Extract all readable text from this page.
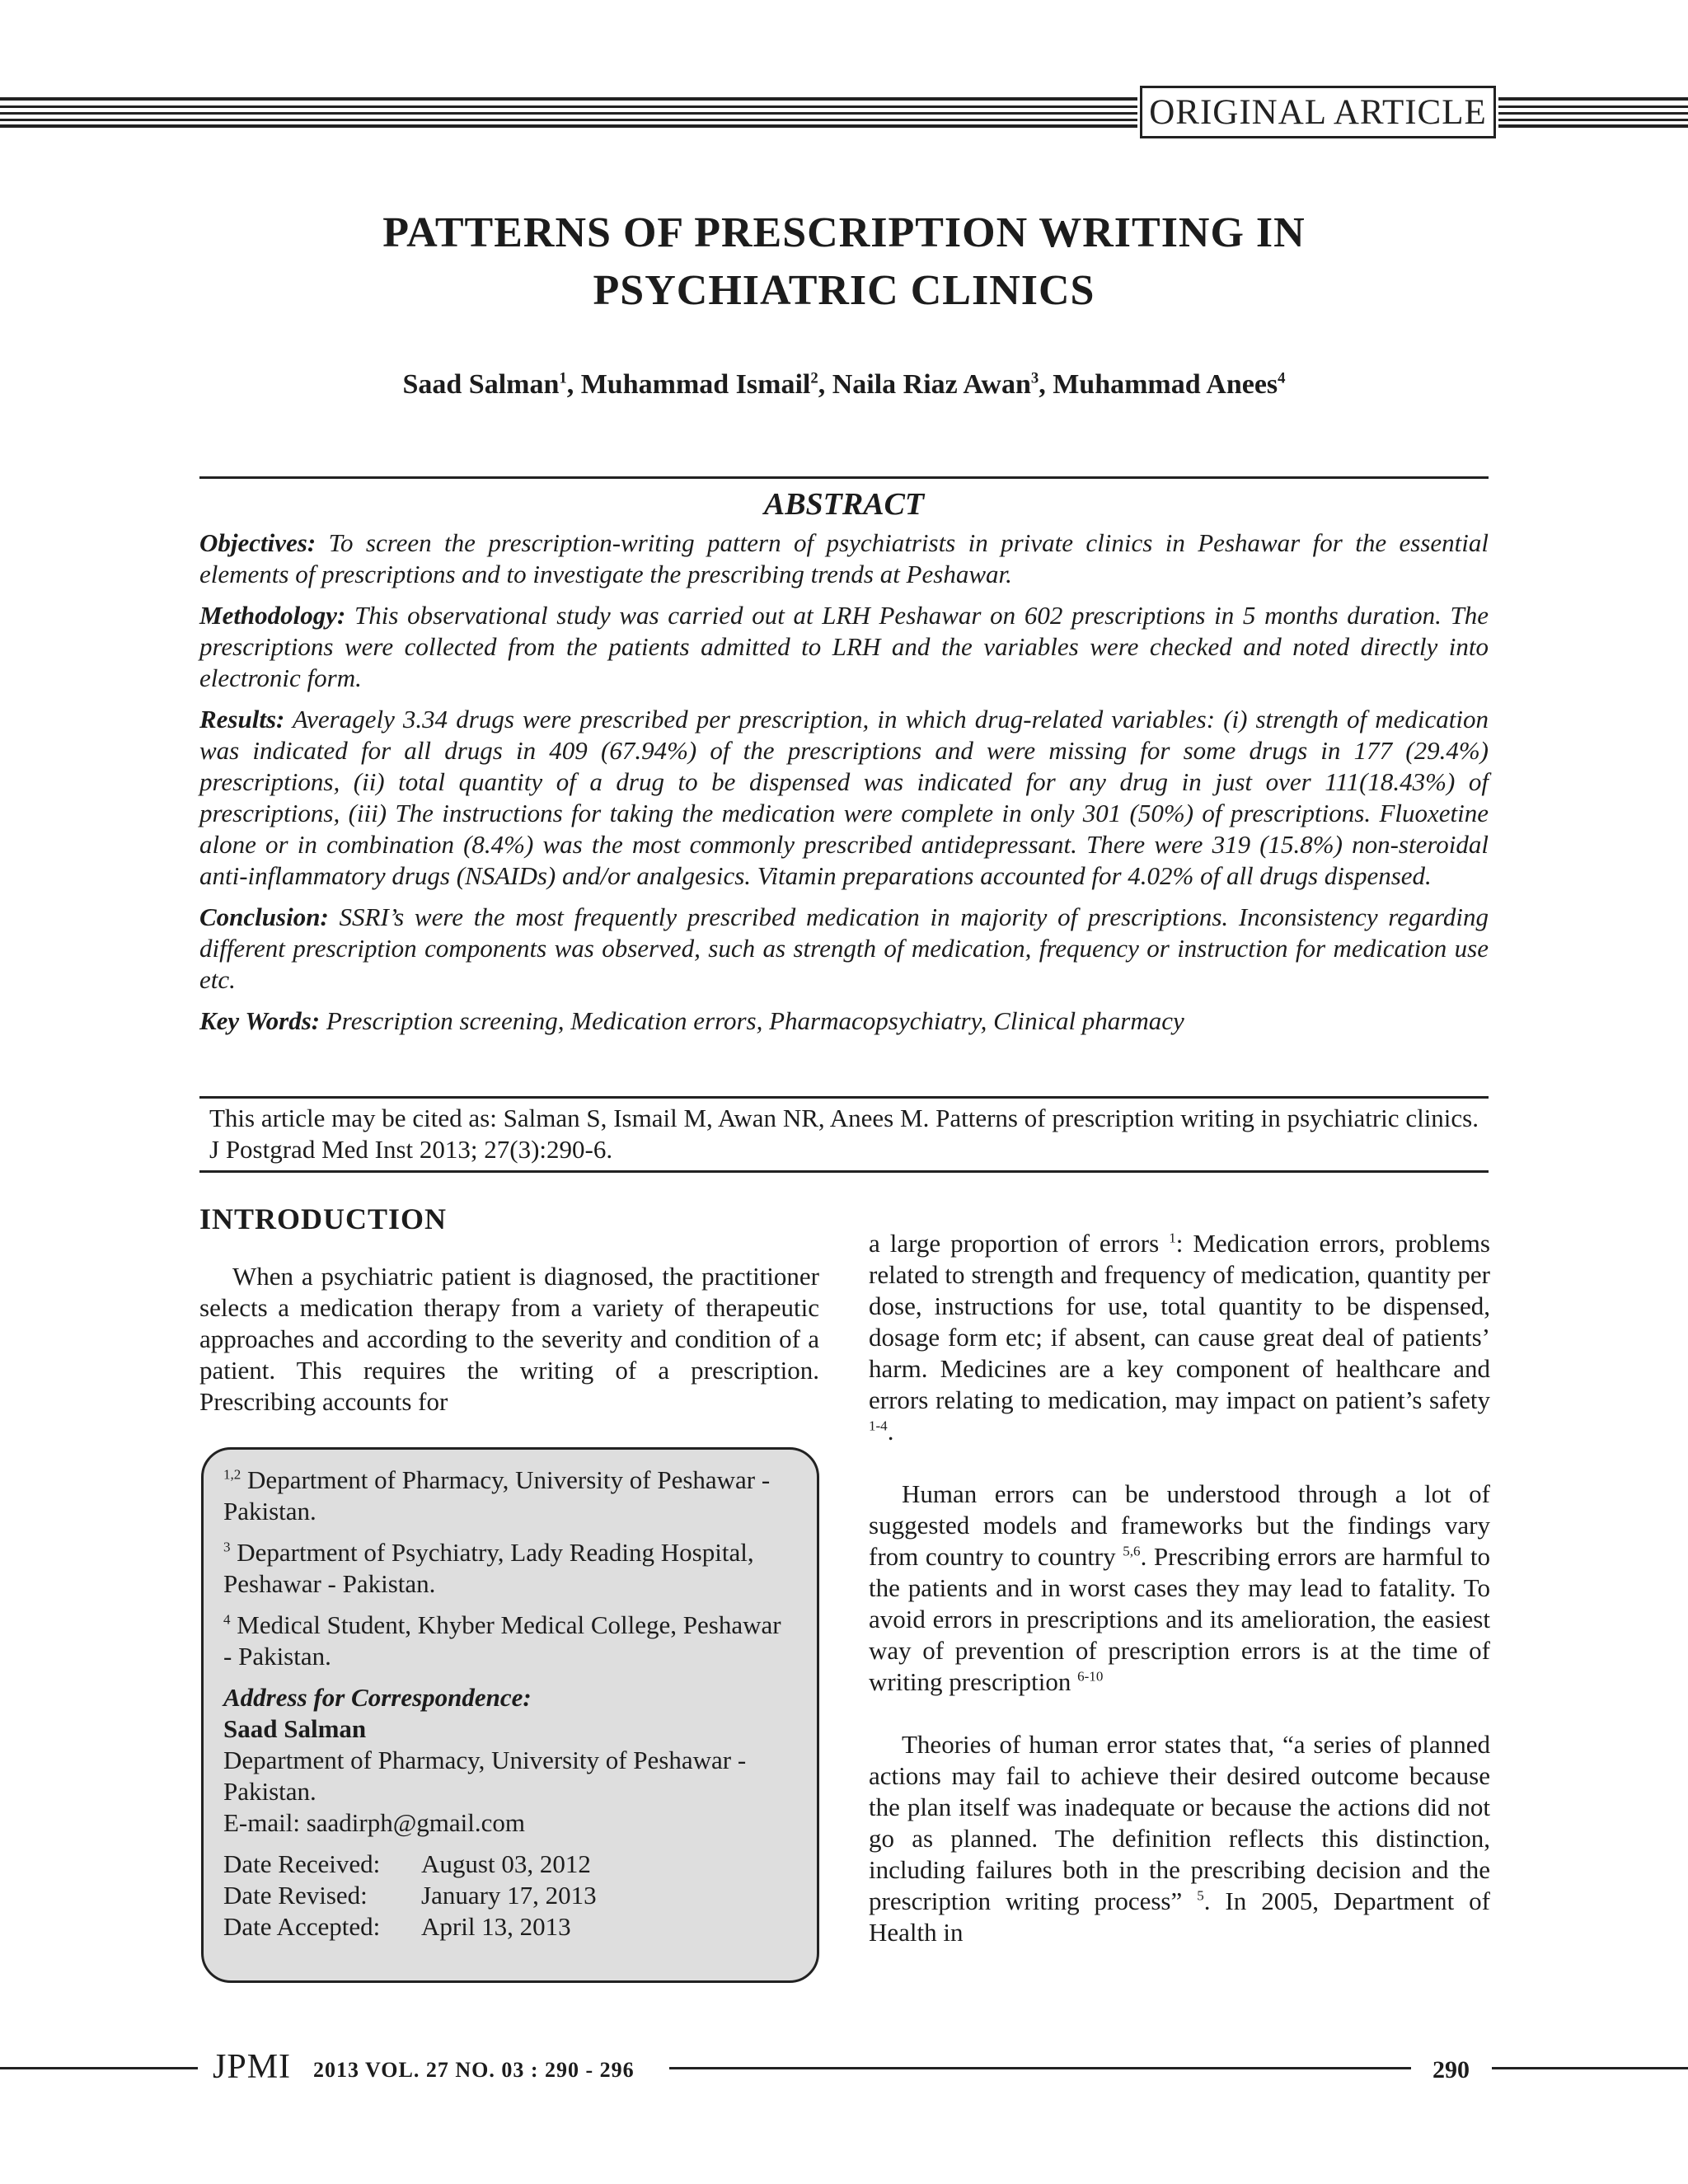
ORIGINAL ARTICLE
PATTERNS OF PRESCRIPTION WRITING IN
PSYCHIATRIC CLINICS
Saad Salman$^1$, Muhammad Ismail$^2$, Naila Riaz Awan$^3$, Muhammad Anees$^4$
ABSTRACT

Objectives: To screen the prescription-writing pattern of psychiatrists in private clinics in Peshawar for the essential elements of prescriptions and to investigate the prescribing trends at Peshawar.

Methodology: This observational study was carried out at LRH Peshawar on 602 prescriptions in 5 months duration. The prescriptions were collected from the patients admitted to LRH and the variables were checked and noted directly into electronic form.

Results: Averagely 3.34 drugs were prescribed per prescription, in which drug-related variables: (i) strength of medication was indicated for all drugs in 409 (67.94%) of the prescriptions and were missing for some drugs in 177 (29.4%) prescriptions, (ii) total quantity of a drug to be dispensed was indicated for any drug in just over 111(18.43%) of prescriptions, (iii) The instructions for taking the medication were complete in only 301 (50%) of prescriptions. Fluoxetine alone or in combination (8.4%) was the most commonly prescribed antidepressant. There were 319 (15.8%) non-steroidal anti-inflammatory drugs (NSAIDs) and/or analgesics. Vitamin preparations accounted for 4.02% of all drugs dispensed.

Conclusion: SSRI’s were the most frequently prescribed medication in majority of prescriptions. Inconsistency regarding different prescription components was observed, such as strength of medication, frequency or instruction for medication use etc.

Key Words: Prescription screening, Medication errors, Pharmacopsychiatry, Clinical pharmacy

This article may be cited as: Salman S, Ismail M, Awan NR, Anees M. Patterns of prescription writing in psychiatric clinics. J Postgrad Med Inst 2013; 27(3):290-6.
INTRODUCTION
When a psychiatric patient is diagnosed, the practitioner selects a medication therapy from a variety of therapeutic approaches and according to the severity and condition of a patient. This requires the writing of a prescription. Prescribing accounts for
$^{1,2}$ Department of Pharmacy, University of Peshawar - Pakistan.
$^3$ Department of Psychiatry, Lady Reading Hospital, Peshawar - Pakistan.
$^4$ Medical Student, Khyber Medical College, Peshawar - Pakistan.
Address for Correspondence:
Saad Salman
Department of Pharmacy, University of Peshawar - Pakistan.
E-mail: saadirph@gmail.com
Date Received: August 03, 2012
Date Revised: January 17, 2013
Date Accepted: April 13, 2013

a large proportion of errors $^1$: Medication errors, problems related to strength and frequency of medication, quantity per dose, instructions for use, total quantity to be dispensed, dosage form etc; if absent, can cause great deal of patients’ harm. Medicines are a key component of healthcare and errors relating to medication, may impact on patient’s safety $^{1-4}$.

Human errors can be understood through a lot of suggested models and frameworks but the findings vary from country to country $^{5,6}$. Prescribing errors are harmful to the patients and in worst cases they may lead to fatality. To avoid errors in prescriptions and its amelioration, the easiest way of prevention of prescription errors is at the time of writing prescription $^{6-10}$

Theories of human error states that, “a series of planned actions may fail to achieve their desired outcome because the plan itself was inadequate or because the actions did not go as planned. The definition reflects this distinction, including failures both in the prescribing decision and the prescription writing process” $^5$. In 2005, Department of Health in

JPMI 2013 VOL. 27 NO. 03 : 290 - 296	290
